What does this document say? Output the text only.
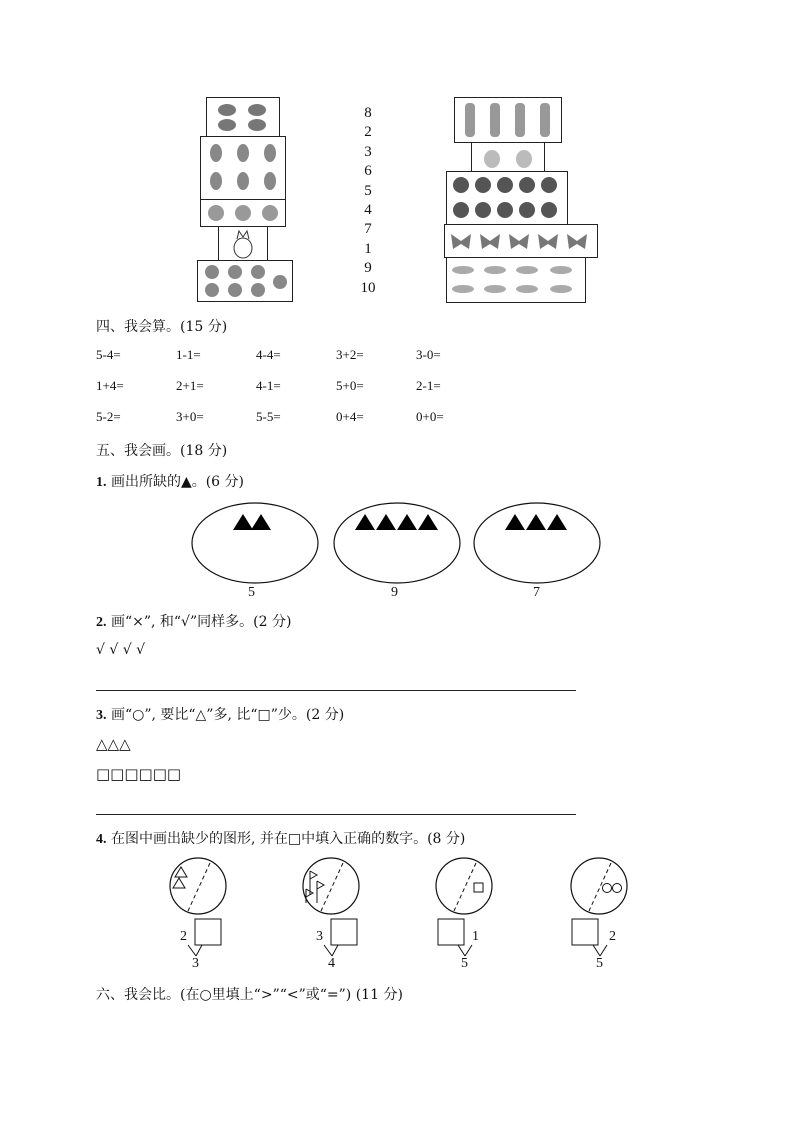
8
2
3
6
5
4
7
1
9
10
四、我会算。(15 分)
5-4=	1-1=	4-4=	3+2=	3-0=
1+4=	2+1=	4-1=	5+0=	2-1=
5-2=	3+0=	5-5=	0+4=	0+0=
五、我会画。(18 分)
1. 画出所缺的▲。(6 分)
5	9	7
2. 画“×”, 和“√”同样多。(2 分)
√ √ √ √
3. 画“○”, 要比“△”多, 比“□”少。(2 分)
△△△
□□□□□□
4. 在图中画出缺少的图形, 并在□中填入正确的数字。(8 分)
2
3
3
4
1
5
2
5
六、我会比。(在○里填上“>”“<”或“=”) (11 分)
